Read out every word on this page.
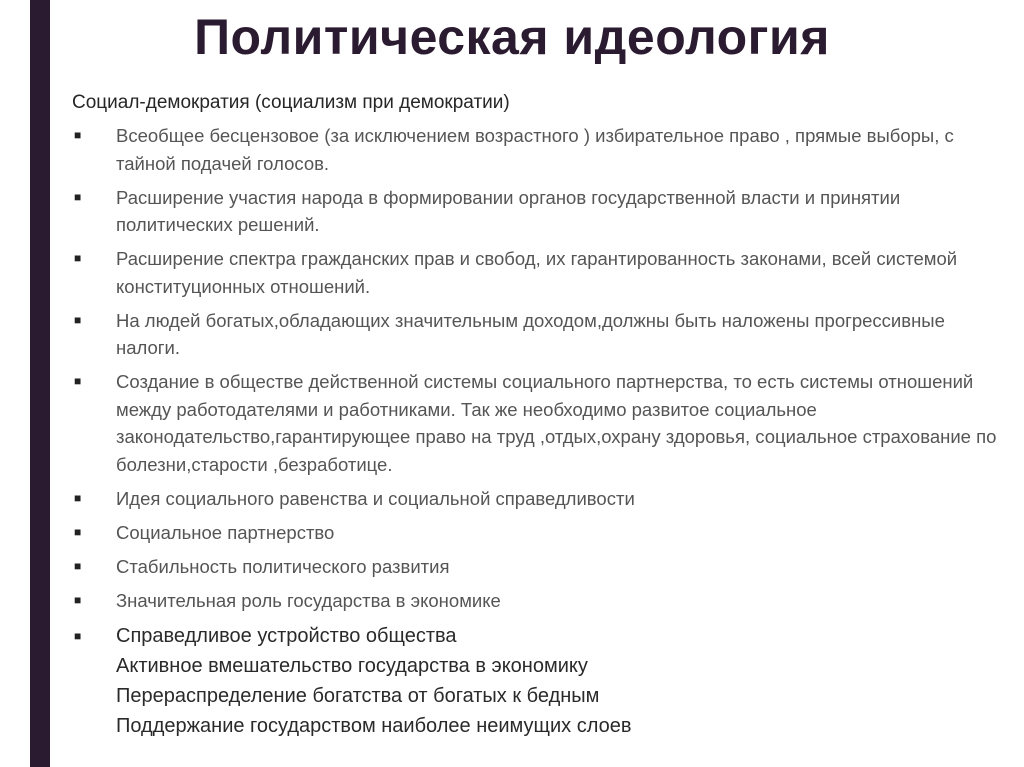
Политическая идеология

Социал-демократия (социализм при демократии)

■	Всеобщее бесцензовое (за исключением возрастного ) избирательное право , прямые выборы, с тайной подачей голосов.
■	Расширение участия народа в формировании органов государственной власти и принятии политических решений.
■	Расширение спектра гражданских прав и свобод, их гарантированность законами, всей системой конституционных отношений.
■	На людей богатых,обладающих значительным доходом,должны быть наложены прогрессивные налоги.
■	Создание в обществе действенной системы социального партнерства, то есть системы отношений между работодателями и работниками. Так же необходимо развитое социальное законодательство,гарантирующее право на труд ,отдых,охрану здоровья, социальное страхование по болезни,старости ,безработице.
■	Идея социального равенства и социальной справедливости
■	Социальное партнерство
■	Стабильность политического развития
■	Значительная роль государства в экономике
■	Справедливое устройство общества
Активное вмешательство государства в экономику
Перераспределение богатства от богатых к бедным
Поддержание государством наиболее неимущих слоев
